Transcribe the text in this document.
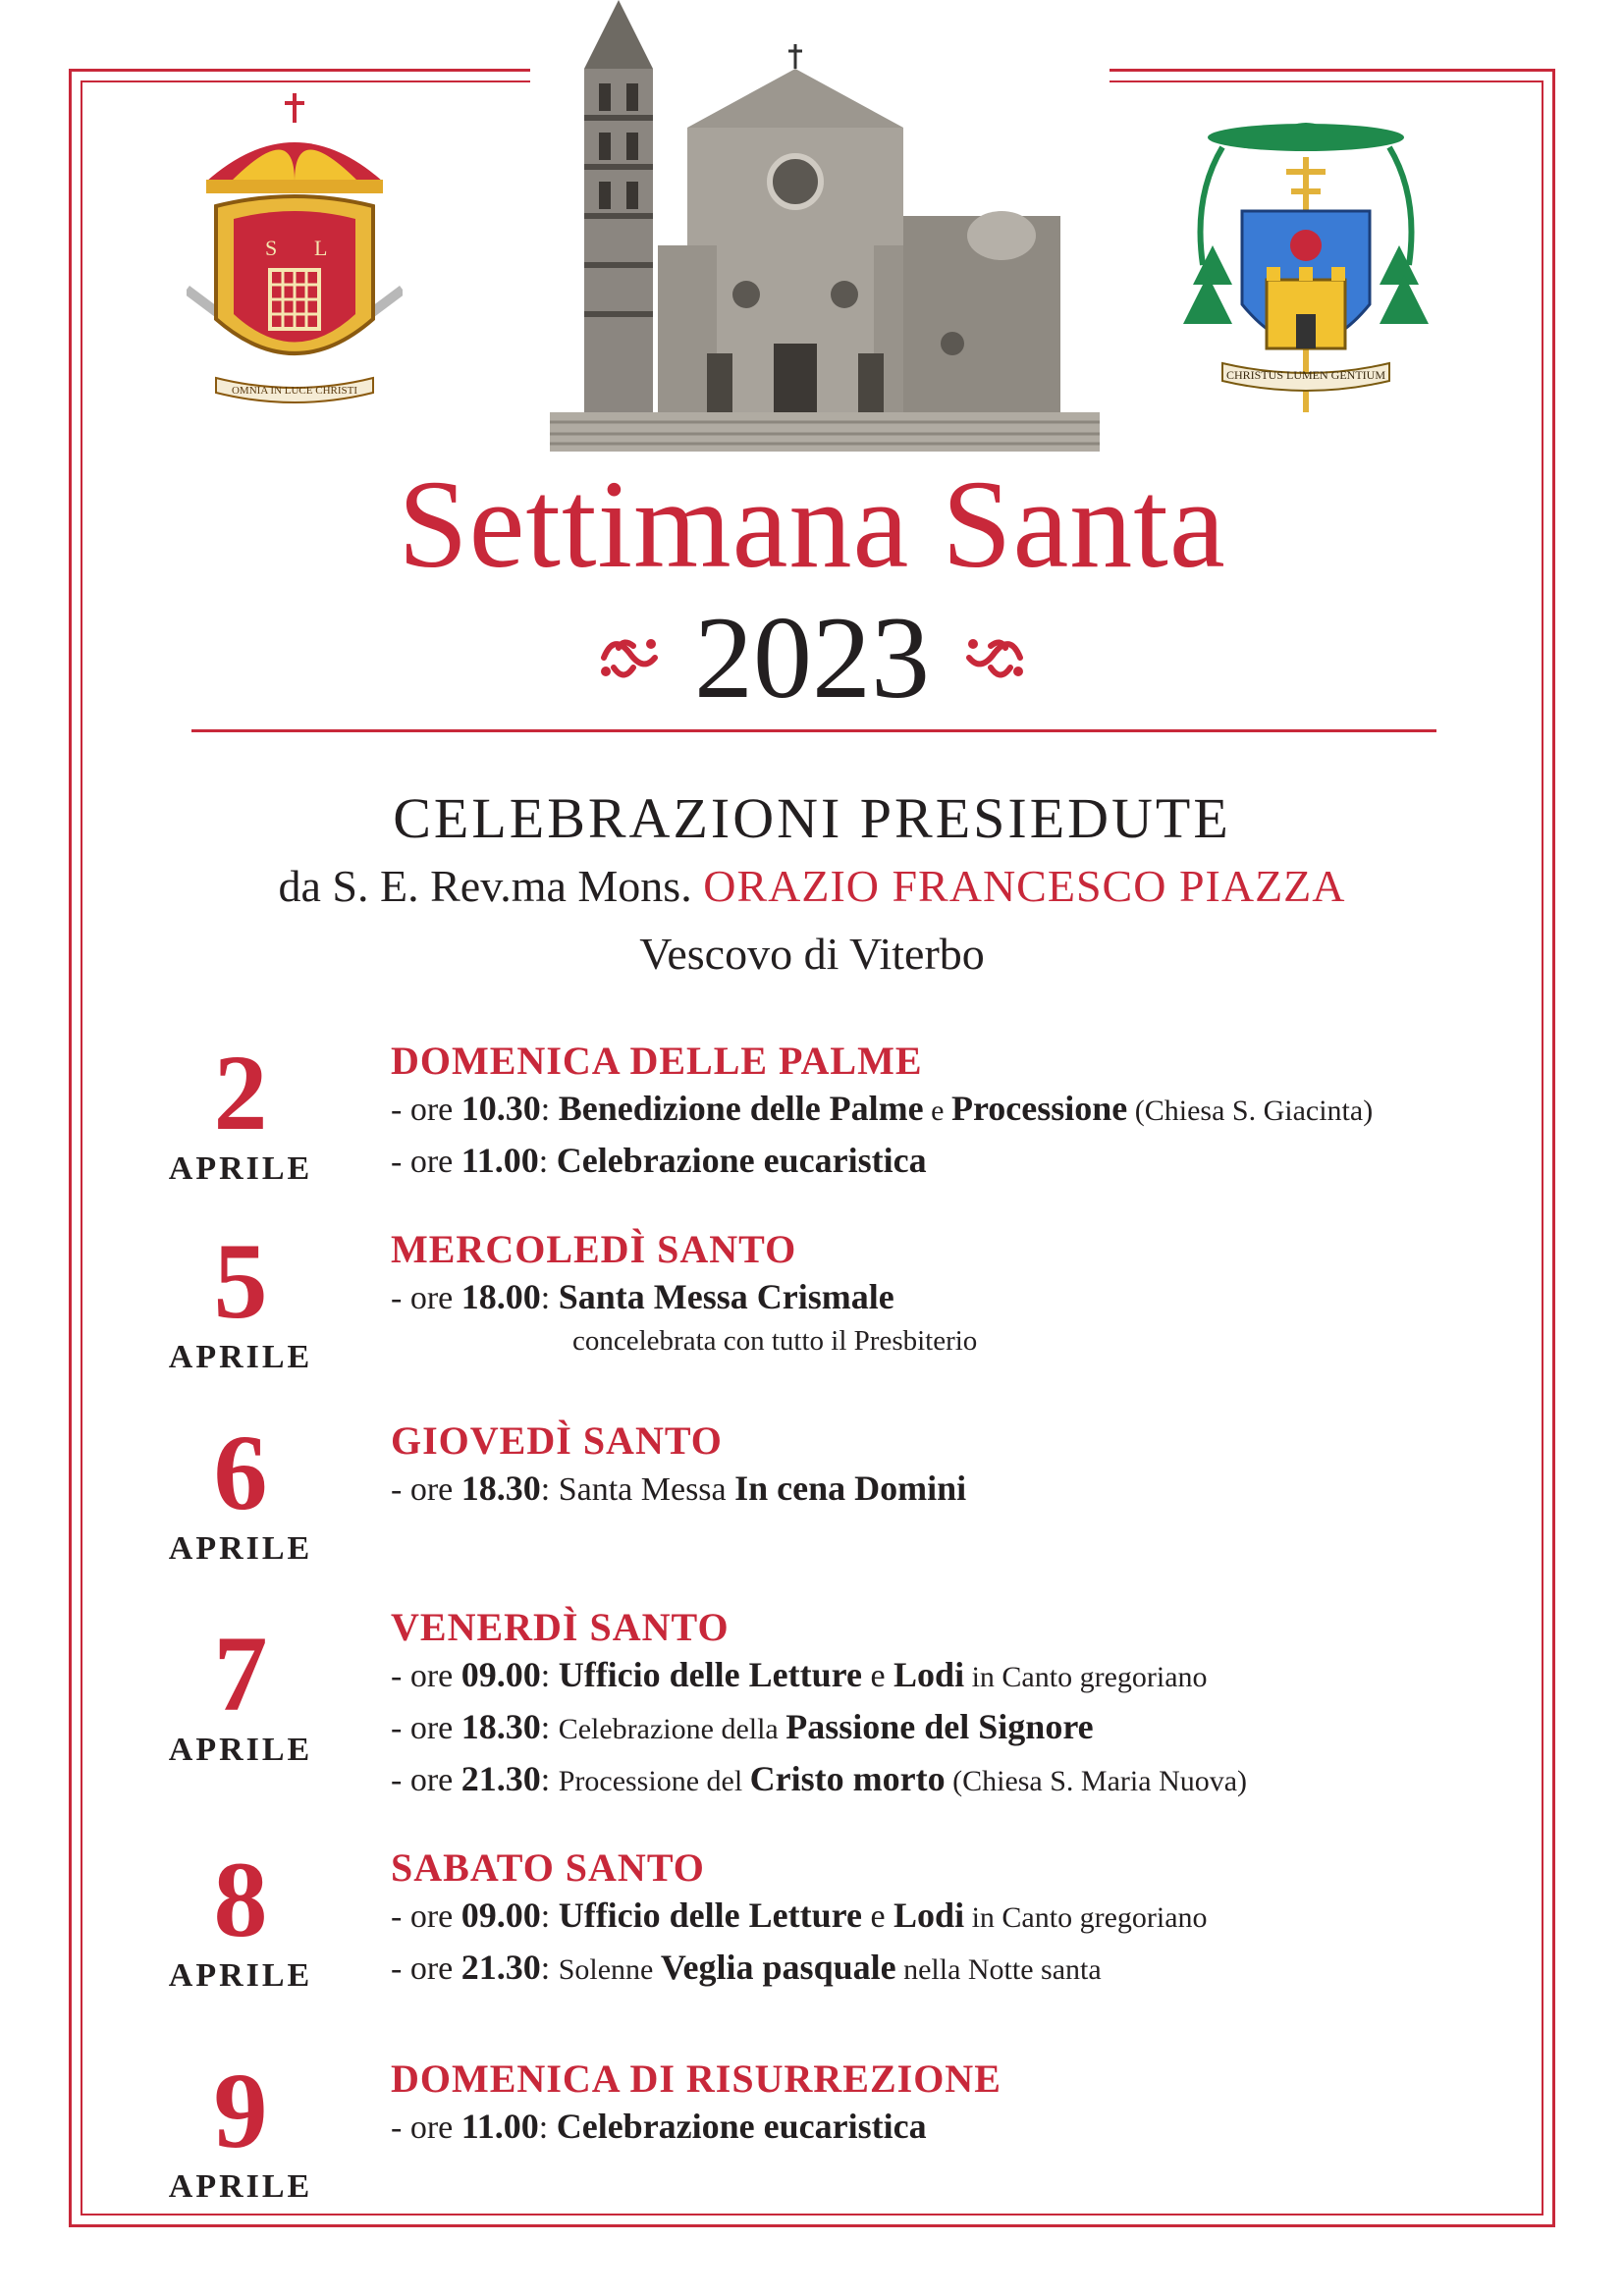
S L
OMNIA IN LUCE CHRISTI
CHRISTUS LUMEN GENTIUM
Settimana Santa
2023
CELEBRAZIONI PRESIEDUTE
da S. E. Rev.ma Mons. ORAZIO FRANCESCO PIAZZA
Vescovo di Viterbo
2
APRILE
DOMENICA DELLE PALME
- ore 10.30: Benedizione delle Palme e Processione (Chiesa S. Giacinta)
- ore 11.00: Celebrazione eucaristica
5
APRILE
MERCOLEDÌ SANTO
- ore 18.00: Santa Messa Crismale
concelebrata con tutto il Presbiterio
6
APRILE
GIOVEDÌ SANTO
- ore 18.30: Santa Messa In cena Domini
7
APRILE
VENERDÌ SANTO
- ore 09.00: Ufficio delle Letture e Lodi in Canto gregoriano
- ore 18.30: Celebrazione della Passione del Signore
- ore 21.30: Processione del Cristo morto (Chiesa S. Maria Nuova)
8
APRILE
SABATO SANTO
- ore 09.00: Ufficio delle Letture e Lodi in Canto gregoriano
- ore 21.30: Solenne Veglia pasquale nella Notte santa
9
APRILE
DOMENICA DI RISURREZIONE
- ore 11.00: Celebrazione eucaristica
